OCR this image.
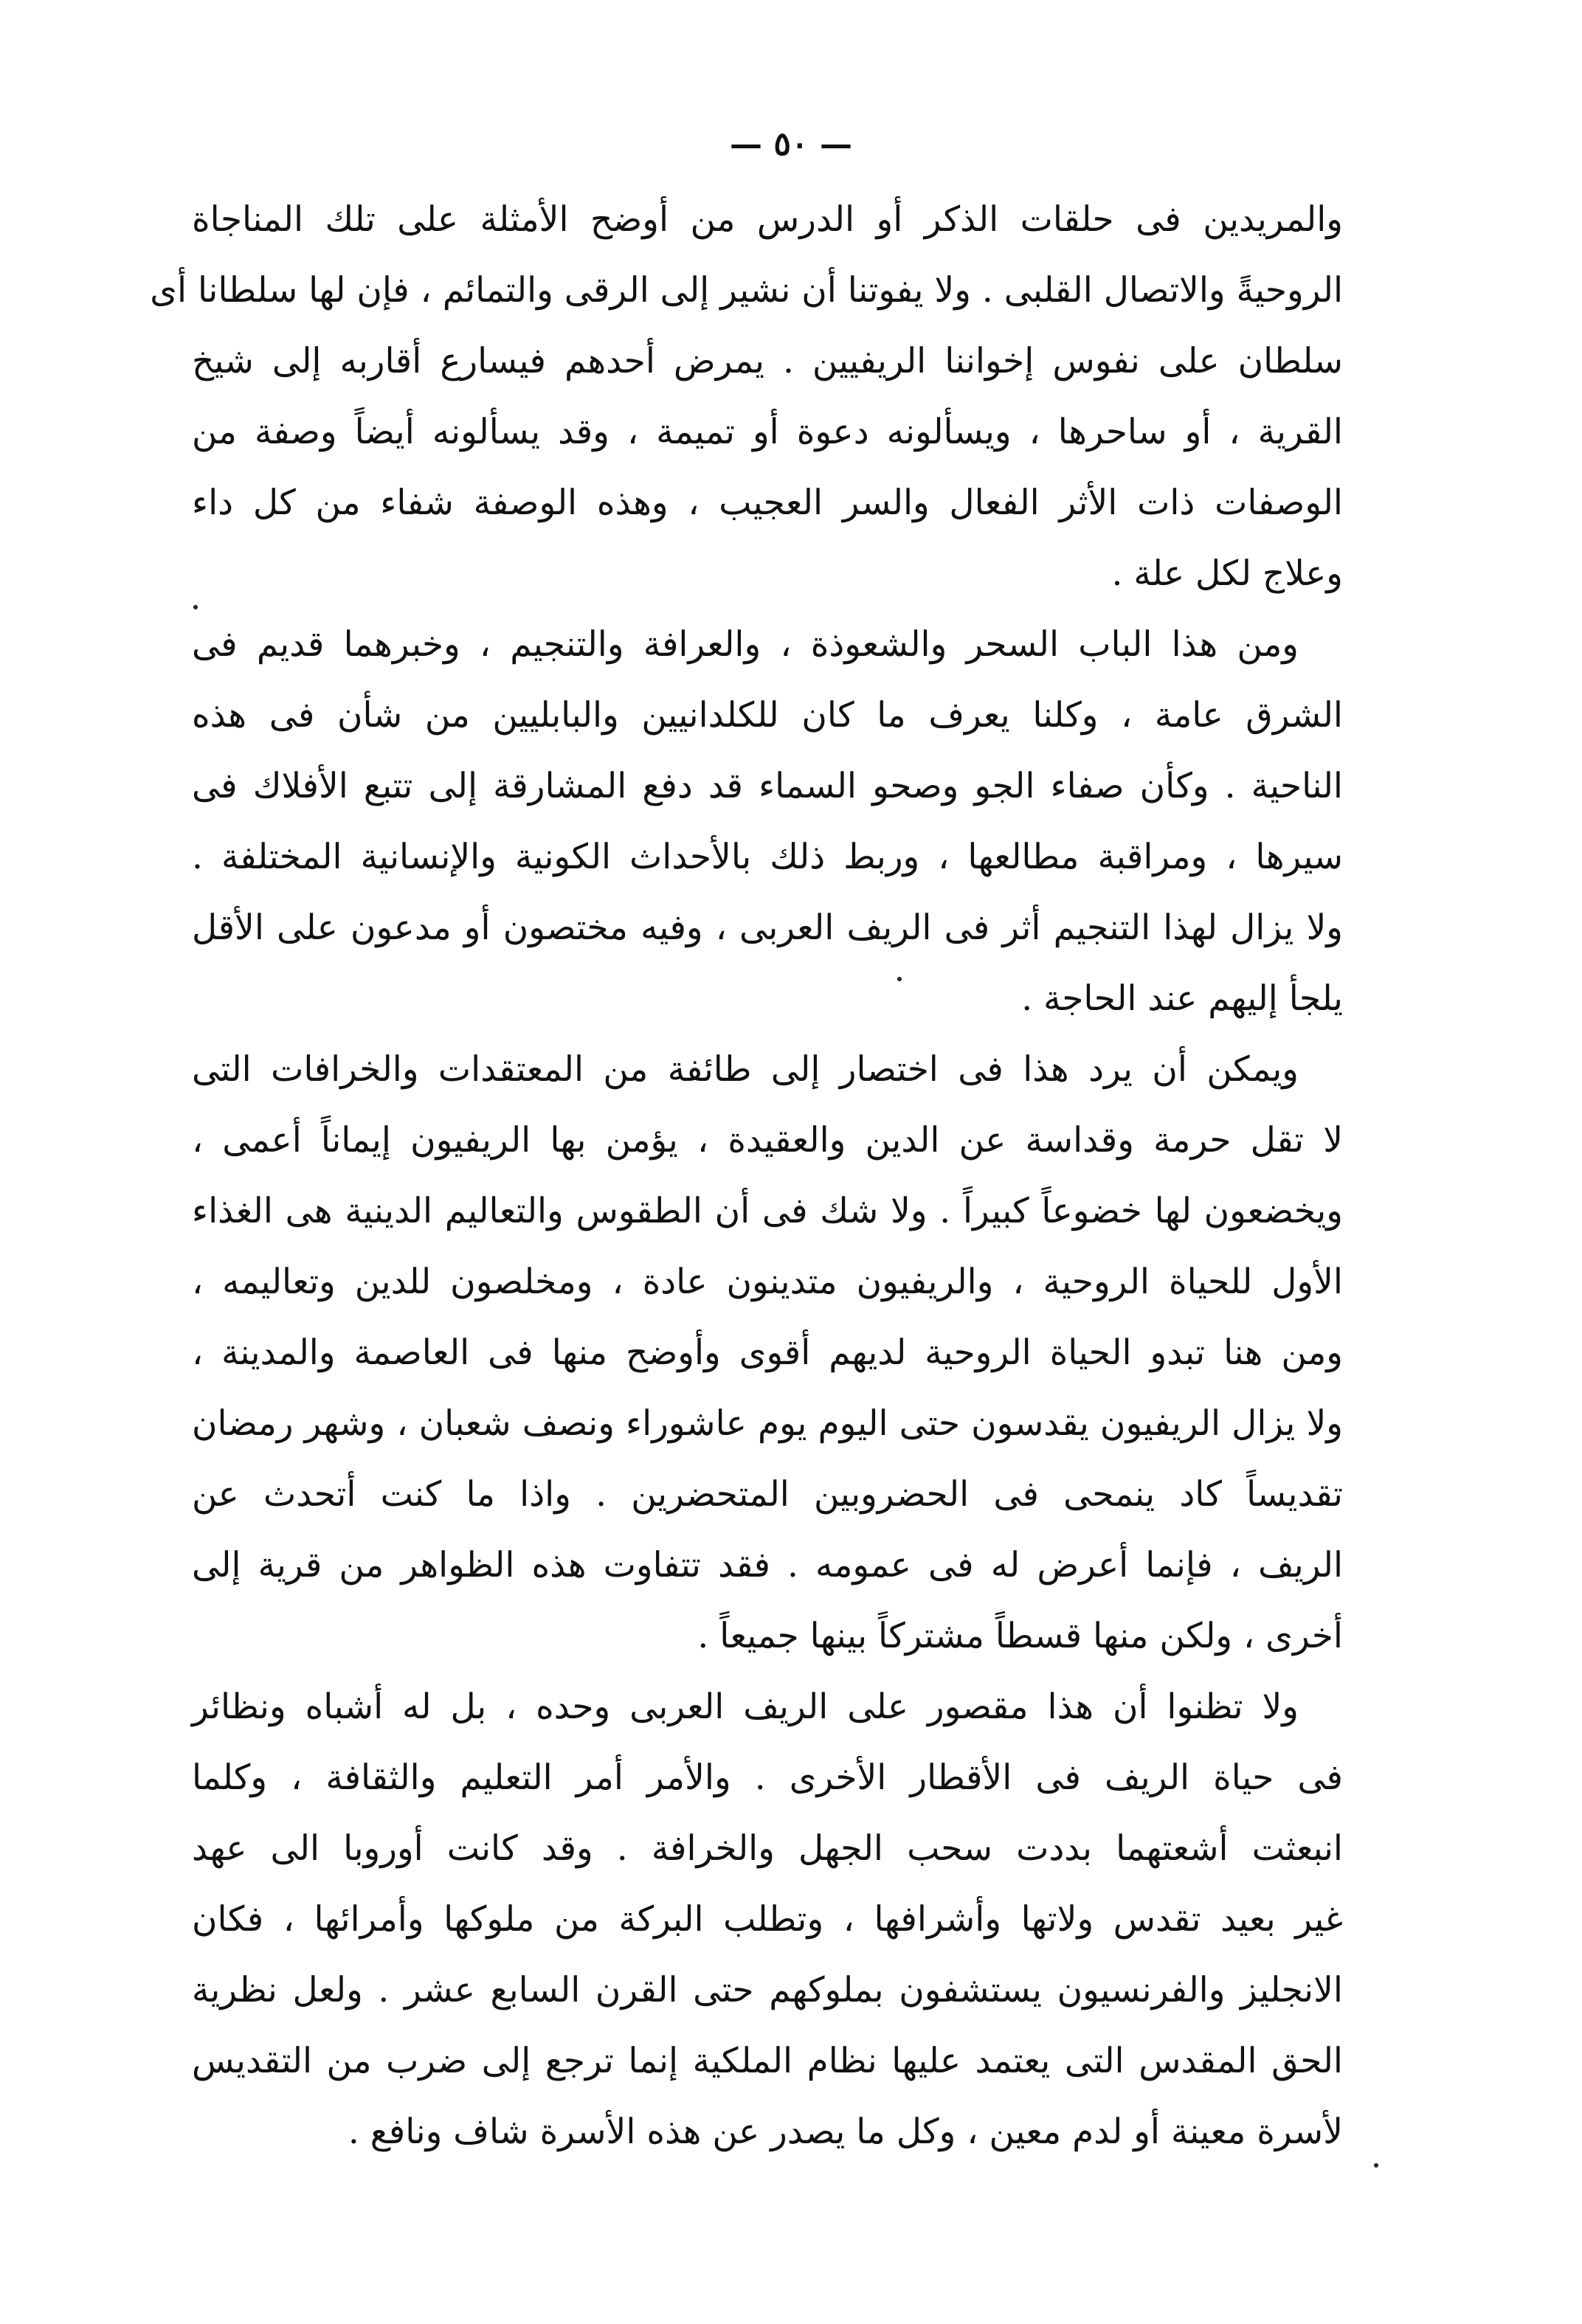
— ٥٠ —
والمريدين فى حلقات الذكر أو الدرس من أوضح الأمثلة على تلك المناجاة
الروحيةً والاتصال القلبى . ولا يفوتنا أن نشير إلى الرقى والتمائم ، فإن لها سلطانا أى
سلطان على نفوس إخواننا الريفيين . يمرض أحدهم فيسارع أقاربه إلى شيخ
القرية ، أو ساحرها ، ويسألونه دعوة أو تميمة ، وقد يسألونه أيضاً وصفة من
الوصفات ذات الأثر الفعال والسر العجيب ، وهذه الوصفة شفاء من كل داء
وعلاج لكل علة .
ومن هذا الباب السحر والشعوذة ، والعرافة والتنجيم ، وخبرهما قديم فى
الشرق عامة ، وكلنا يعرف ما كان للكلدانيين والبابليين من شأن فى هذه
الناحية . وكأن صفاء الجو وصحو السماء قد دفع المشارقة إلى تتبع الأفلاك فى
سيرها ، ومراقبة مطالعها ، وربط ذلك بالأحداث الكونية والإنسانية المختلفة .
ولا يزال لهذا التنجيم أثر فى الريف العربى ، وفيه مختصون أو مدعون على الأقل
يلجأ إليهم عند الحاجة .
ويمكن أن يرد هذا فى اختصار إلى طائفة من المعتقدات والخرافات التى
لا تقل حرمة وقداسة عن الدين والعقيدة ، يؤمن بها الريفيون إيماناً أعمى ،
ويخضعون لها خضوعاً كبيراً . ولا شك فى أن الطقوس والتعاليم الدينية هى الغذاء
الأول للحياة الروحية ، والريفيون متدينون عادة ، ومخلصون للدين وتعاليمه ،
ومن هنا تبدو الحياة الروحية لديهم أقوى وأوضح منها فى العاصمة والمدينة ،
ولا يزال الريفيون يقدسون حتى اليوم يوم عاشوراء ونصف شعبان ، وشهر رمضان
تقديساً كاد ينمحى فى الحضروبين المتحضرين . واذا ما كنت أتحدث عن
الريف ، فإنما أعرض له فى عمومه . فقد تتفاوت هذه الظواهر من قرية إلى
أخرى ، ولكن منها قسطاً مشتركاً بينها جميعاً .
ولا تظنوا أن هذا مقصور على الريف العربى وحده ، بل له أشباه ونظائر
فى حياة الريف فى الأقطار الأخرى . والأمر أمر التعليم والثقافة ، وكلما
انبعثت أشعتهما بددت سحب الجهل والخرافة . وقد كانت أوروبا الى عهد
غير بعيد تقدس ولاتها وأشرافها ، وتطلب البركة من ملوكها وأمرائها ، فكان
الانجليز والفرنسيون يستشفون بملوكهم حتى القرن السابع عشر . ولعل نظرية
الحق المقدس التى يعتمد عليها نظام الملكية إنما ترجع إلى ضرب من التقديس
لأسرة معينة أو لدم معين ، وكل ما يصدر عن هذه الأسرة شاف ونافع .
